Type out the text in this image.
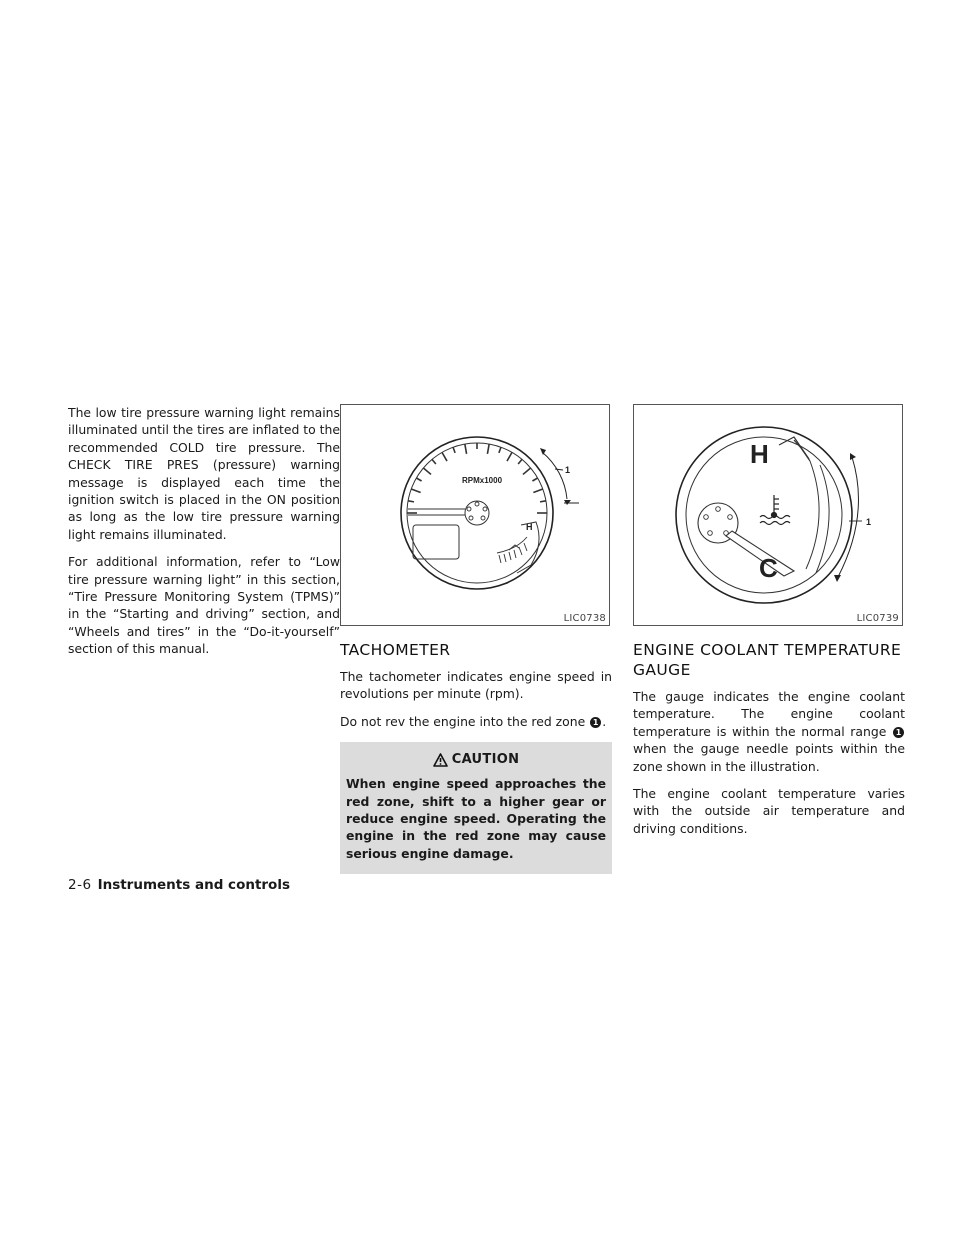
The low tire pressure warning light remains illuminated until the tires are inflated to the recommended COLD tire pressure. The CHECK TIRE PRES (pressure) warning message is displayed each time the ignition switch is placed in the ON position as long as the low tire pressure warning light remains illuminated.

For additional information, refer to “Low tire pressure warning light” in this section, “Tire Pressure Monitoring System (TPMS)” in the “Starting and driving” section, and “Wheels and tires” in the “Do-it-yourself” section of this manual.

H
RPMx1000
1
LIC0738
TACHOMETER

The tachometer indicates engine speed in revolutions per minute (rpm).

Do not rev the engine into the red zone 1 .

CAUTION

When engine speed approaches the red zone, shift to a higher gear or reduce engine speed. Operating the engine in the red zone may cause serious engine damage.

H
C
1
LIC0739
ENGINE COOLANT TEMPERATURE GAUGE

The gauge indicates the engine coolant temperature. The engine coolant temperature is within the normal range 1 when the gauge needle points within the zone shown in the illustration.

The engine coolant temperature varies with the outside air temperature and driving conditions.

2-6 Instruments and controls
